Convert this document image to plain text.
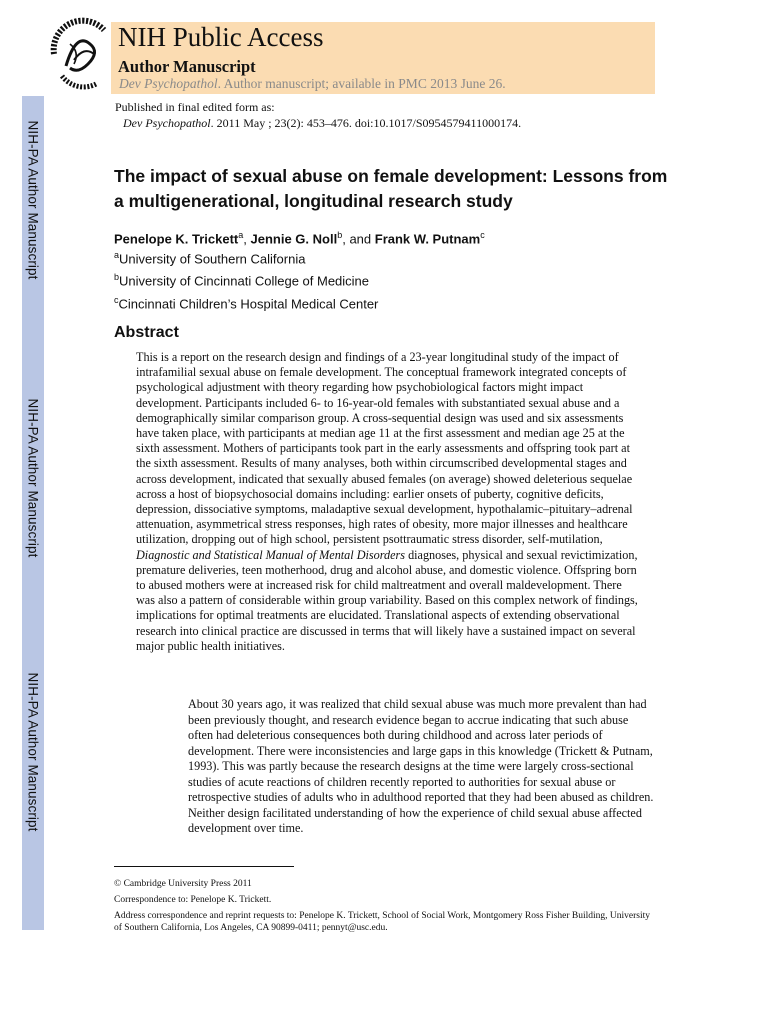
NIH-PA Author Manuscript
NIH-PA Author Manuscript
NIH-PA Author Manuscript
NIH Public Access
Author Manuscript
Dev Psychopathol. Author manuscript; available in PMC 2013 June 26.
Published in final edited form as:
Dev Psychopathol. 2011 May ; 23(2): 453–476. doi:10.1017/S0954579411000174.
The impact of sexual abuse on female development: Lessons from a multigenerational, longitudinal research study
Penelope K. Trickett$^a$, Jennie G. Noll$^b$, and Frank W. Putnam$^c$
$^a$University of Southern California
$^b$University of Cincinnati College of Medicine
$^c$Cincinnati Children’s Hospital Medical Center
Abstract
This is a report on the research design and findings of a 23-year longitudinal study of the impact of intrafamilial sexual abuse on female development. The conceptual framework integrated concepts of psychological adjustment with theory regarding how psychobiological factors might impact development. Participants included 6- to 16-year-old females with substantiated sexual abuse and a demographically similar comparison group. A cross-sequential design was used and six assessments have taken place, with participants at median age 11 at the first assessment and median age 25 at the sixth assessment. Mothers of participants took part in the early assessments and offspring took part at the sixth assessment. Results of many analyses, both within circumscribed developmental stages and across development, indicated that sexually abused females (on average) showed deleterious sequelae across a host of biopsychosocial domains including: earlier onsets of puberty, cognitive deficits, depression, dissociative symptoms, maladaptive sexual development, hypothalamic–pituitary–adrenal attenuation, asymmetrical stress responses, high rates of obesity, more major illnesses and healthcare utilization, dropping out of high school, persistent psottraumatic stress disorder, self-mutilation, Diagnostic and Statistical Manual of Mental Disorders diagnoses, physical and sexual revictimization, premature deliveries, teen motherhood, drug and alcohol abuse, and domestic violence. Offspring born to abused mothers were at increased risk for child maltreatment and overall maldevelopment. There was also a pattern of considerable within group variability. Based on this complex network of findings, implications for optimal treatments are elucidated. Translational aspects of extending observational research into clinical practice are discussed in terms that will likely have a sustained impact on several major public health initiatives.
About 30 years ago, it was realized that child sexual abuse was much more prevalent than had been previously thought, and research evidence began to accrue indicating that such abuse often had deleterious consequences both during childhood and across later periods of development. There were inconsistencies and large gaps in this knowledge (Trickett & Putnam, 1993). This was partly because the research designs at the time were largely cross-sectional studies of acute reactions of children recently reported to authorities for sexual abuse or retrospective studies of adults who in adulthood reported that they had been abused as children. Neither design facilitated understanding of how the experience of child sexual abuse affected development over time.
© Cambridge University Press 2011
Correspondence to: Penelope K. Trickett.
Address correspondence and reprint requests to: Penelope K. Trickett, School of Social Work, Montgomery Ross Fisher Building, University of Southern California, Los Angeles, CA 90899-0411; pennyt@usc.edu.
